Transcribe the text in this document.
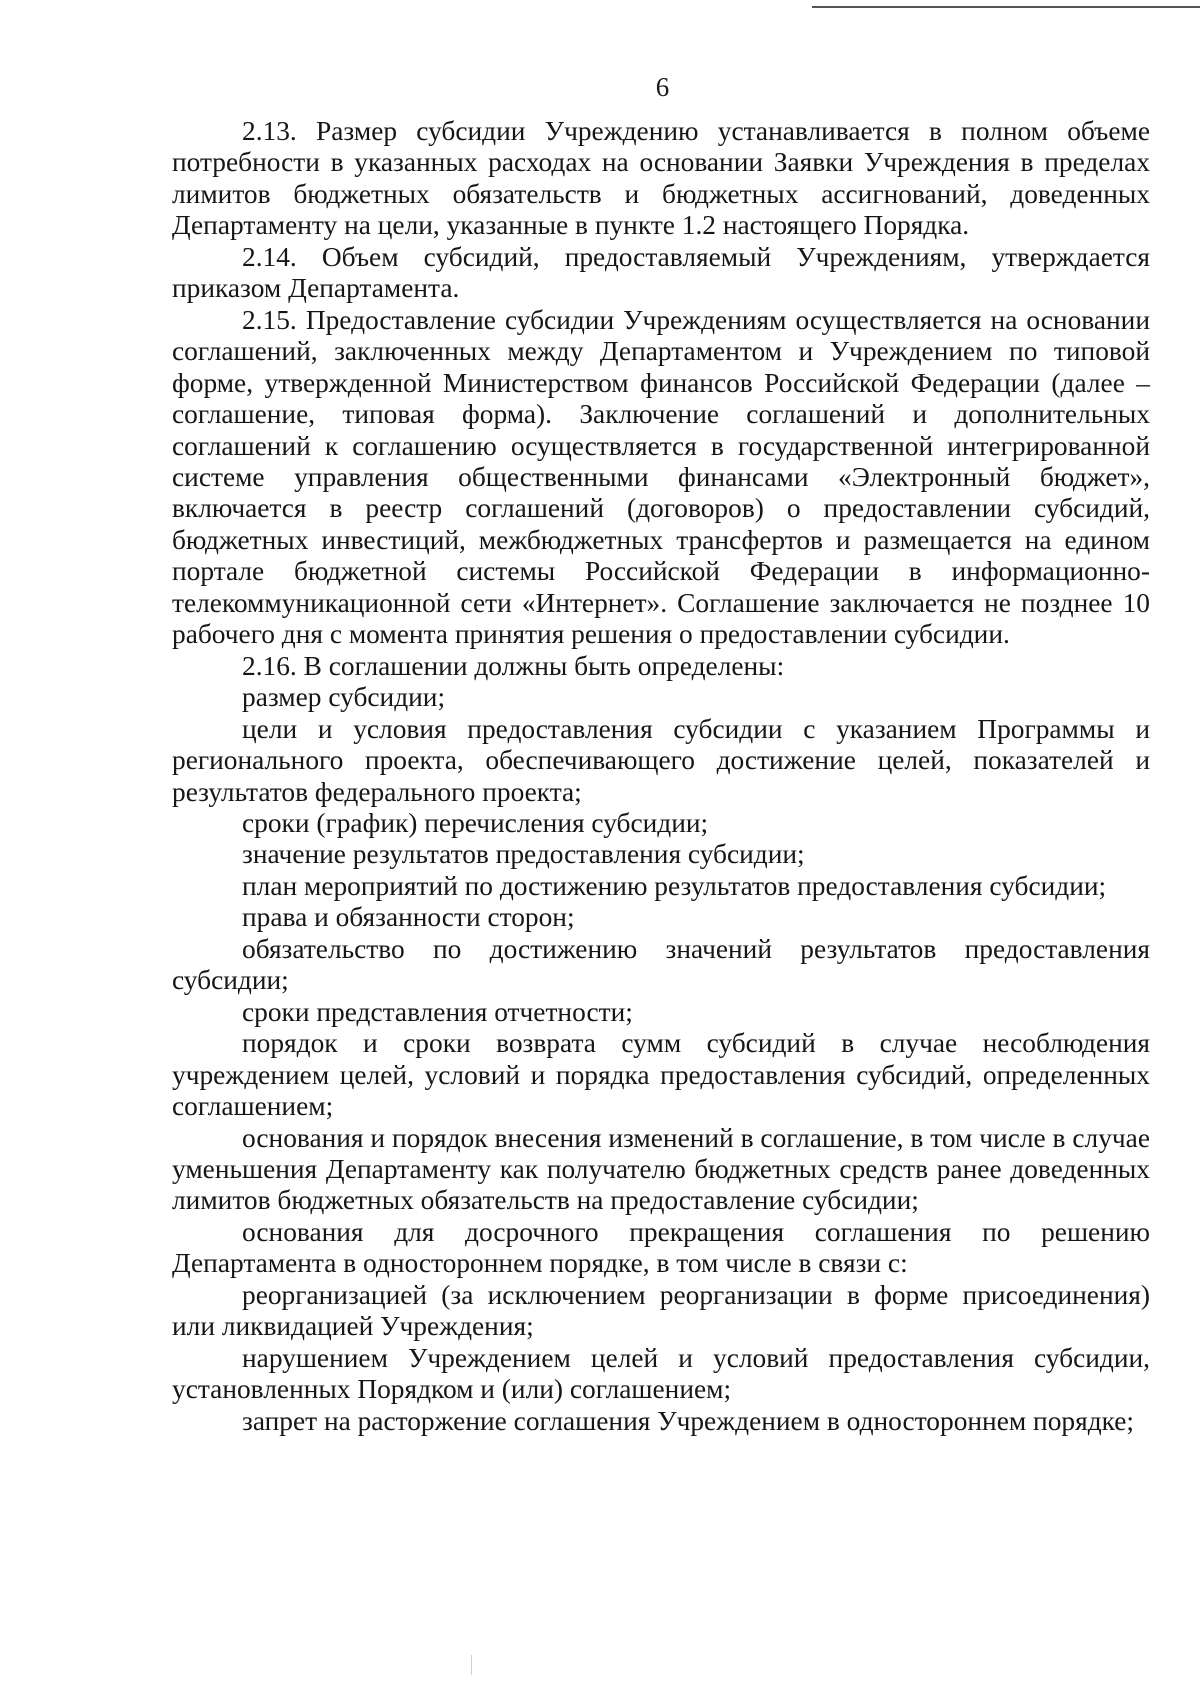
6

2.13. Размер субсидии Учреждению устанавливается в полном объеме потребности в указанных расходах на основании Заявки Учреждения в пределах лимитов бюджетных обязательств и бюджетных ассигнований, доведенных Департаменту на цели, указанные в пункте 1.2 настоящего Порядка.

2.14. Объем субсидий, предоставляемый Учреждениям, утверждается приказом Департамента.

2.15. Предоставление субсидии Учреждениям осуществляется на основании соглашений, заключенных между Департаментом и Учреждением по типовой форме, утвержденной Министерством финансов Российской Федерации (далее – соглашение, типовая форма). Заключение соглашений и дополнительных соглашений к соглашению осуществляется в государственной интегрированной системе управления общественными финансами «Электронный бюджет», включается в реестр соглашений (договоров) о предоставлении субсидий, бюджетных инвестиций, межбюджетных трансфертов и размещается на едином портале бюджетной системы Российской Федерации в информационно-телекоммуникационной сети «Интернет». Соглашение заключается не позднее 10 рабочего дня с момента принятия решения о предоставлении субсидии.

2.16. В соглашении должны быть определены:

размер субсидии;

цели и условия предоставления субсидии с указанием Программы и регионального проекта, обеспечивающего достижение целей, показателей и результатов федерального проекта;

сроки (график) перечисления субсидии;

значение результатов предоставления субсидии;

план мероприятий по достижению результатов предоставления субсидии;

права и обязанности сторон;

обязательство по достижению значений результатов предоставления субсидии;

сроки представления отчетности;

порядок и сроки возврата сумм субсидий в случае несоблюдения учреждением целей, условий и порядка предоставления субсидий, определенных соглашением;

основания и порядок внесения изменений в соглашение, в том числе в случае уменьшения Департаменту как получателю бюджетных средств ранее доведенных лимитов бюджетных обязательств на предоставление субсидии;

основания для досрочного прекращения соглашения по решению Департамента в одностороннем порядке, в том числе в связи с:

реорганизацией (за исключением реорганизации в форме присоединения) или ликвидацией Учреждения;

нарушением Учреждением целей и условий предоставления субсидии, установленных Порядком и (или) соглашением;

запрет на расторжение соглашения Учреждением в одностороннем порядке;
